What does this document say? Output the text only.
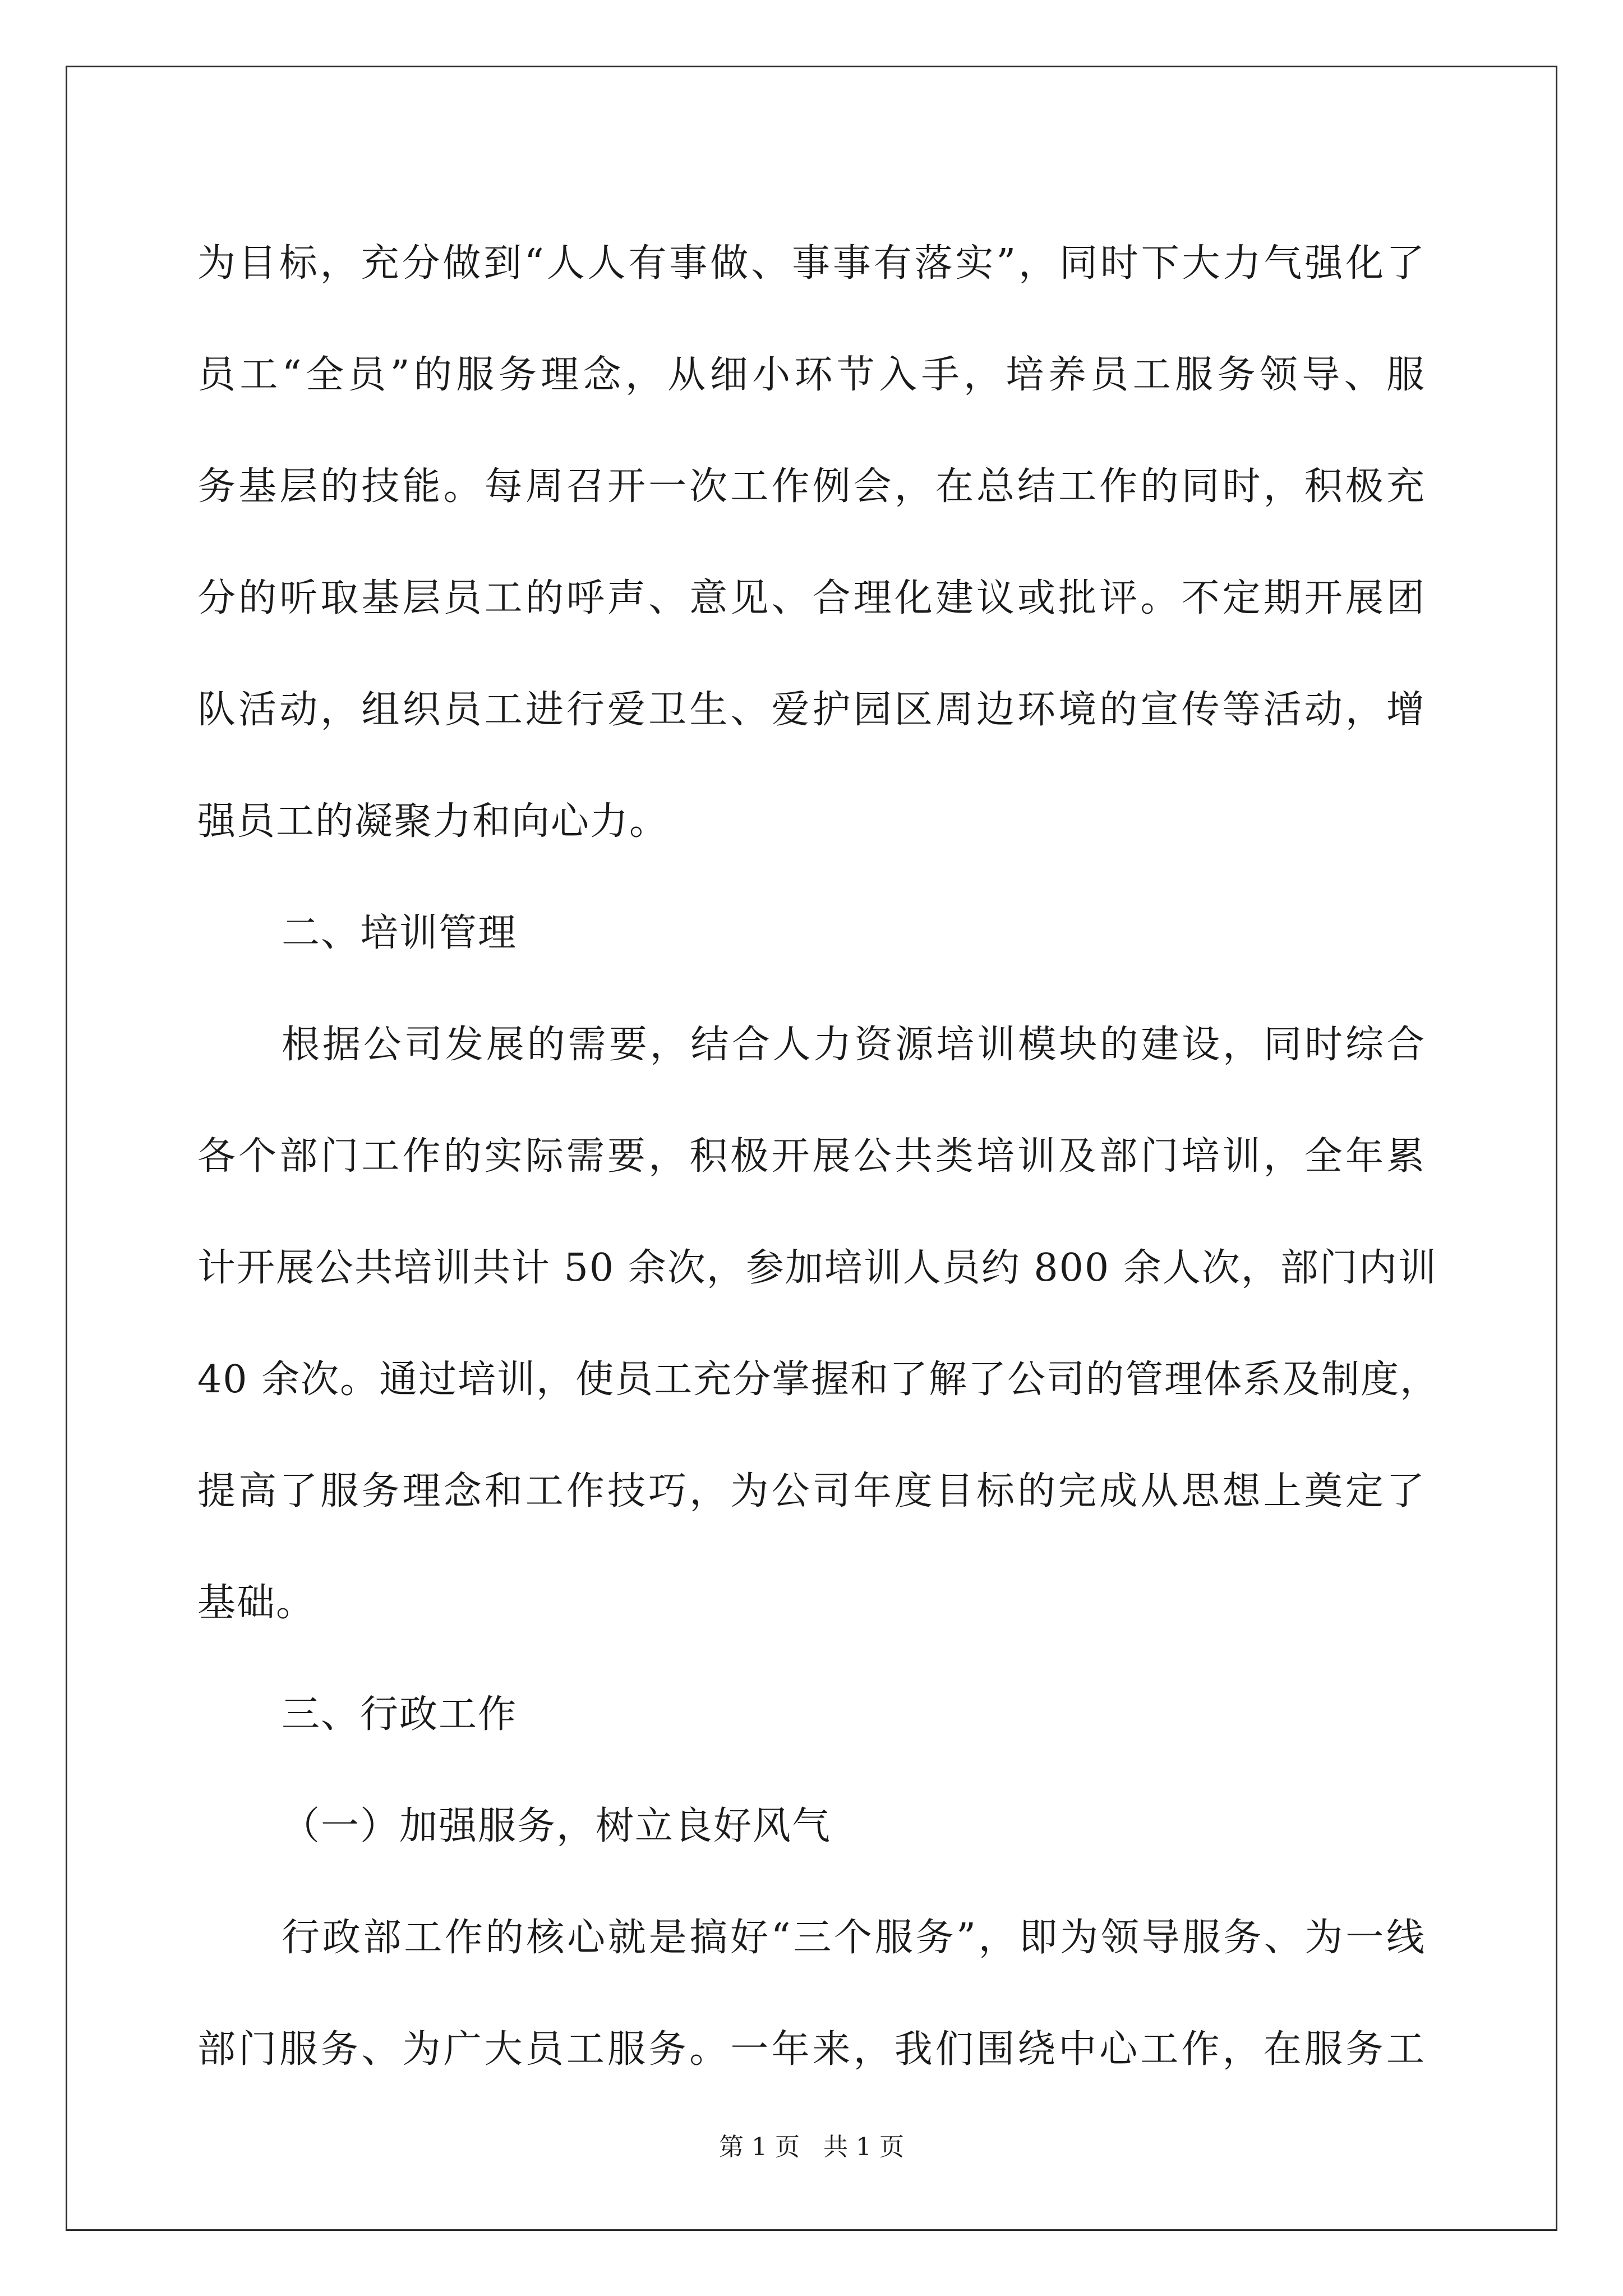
为目标，充分做到“人人有事做、事事有落实”，同时下大力气强化了
员工“全员”的服务理念，从细小环节入手，培养员工服务领导、服
务基层的技能。每周召开一次工作例会，在总结工作的同时，积极充
分的听取基层员工的呼声、意见、合理化建议或批评。不定期开展团
队活动，组织员工进行爱卫生、爱护园区周边环境的宣传等活动，增
强员工的凝聚力和向心力。
二、培训管理
根据公司发展的需要，结合人力资源培训模块的建设，同时综合
各个部门工作的实际需要，积极开展公共类培训及部门培训，全年累
计开展公共培训共计 50 余次，参加培训人员约 800 余人次，部门内训
40 余次。通过培训，使员工充分掌握和了解了公司的管理体系及制度，
提高了服务理念和工作技巧，为公司年度目标的完成从思想上奠定了
基础。
三、行政工作
（一）加强服务，树立良好风气
行政部工作的核心就是搞好“三个服务”，即为领导服务、为一线
部门服务、为广大员工服务。一年来，我们围绕中心工作，在服务工
第 1 页   共 1 页
